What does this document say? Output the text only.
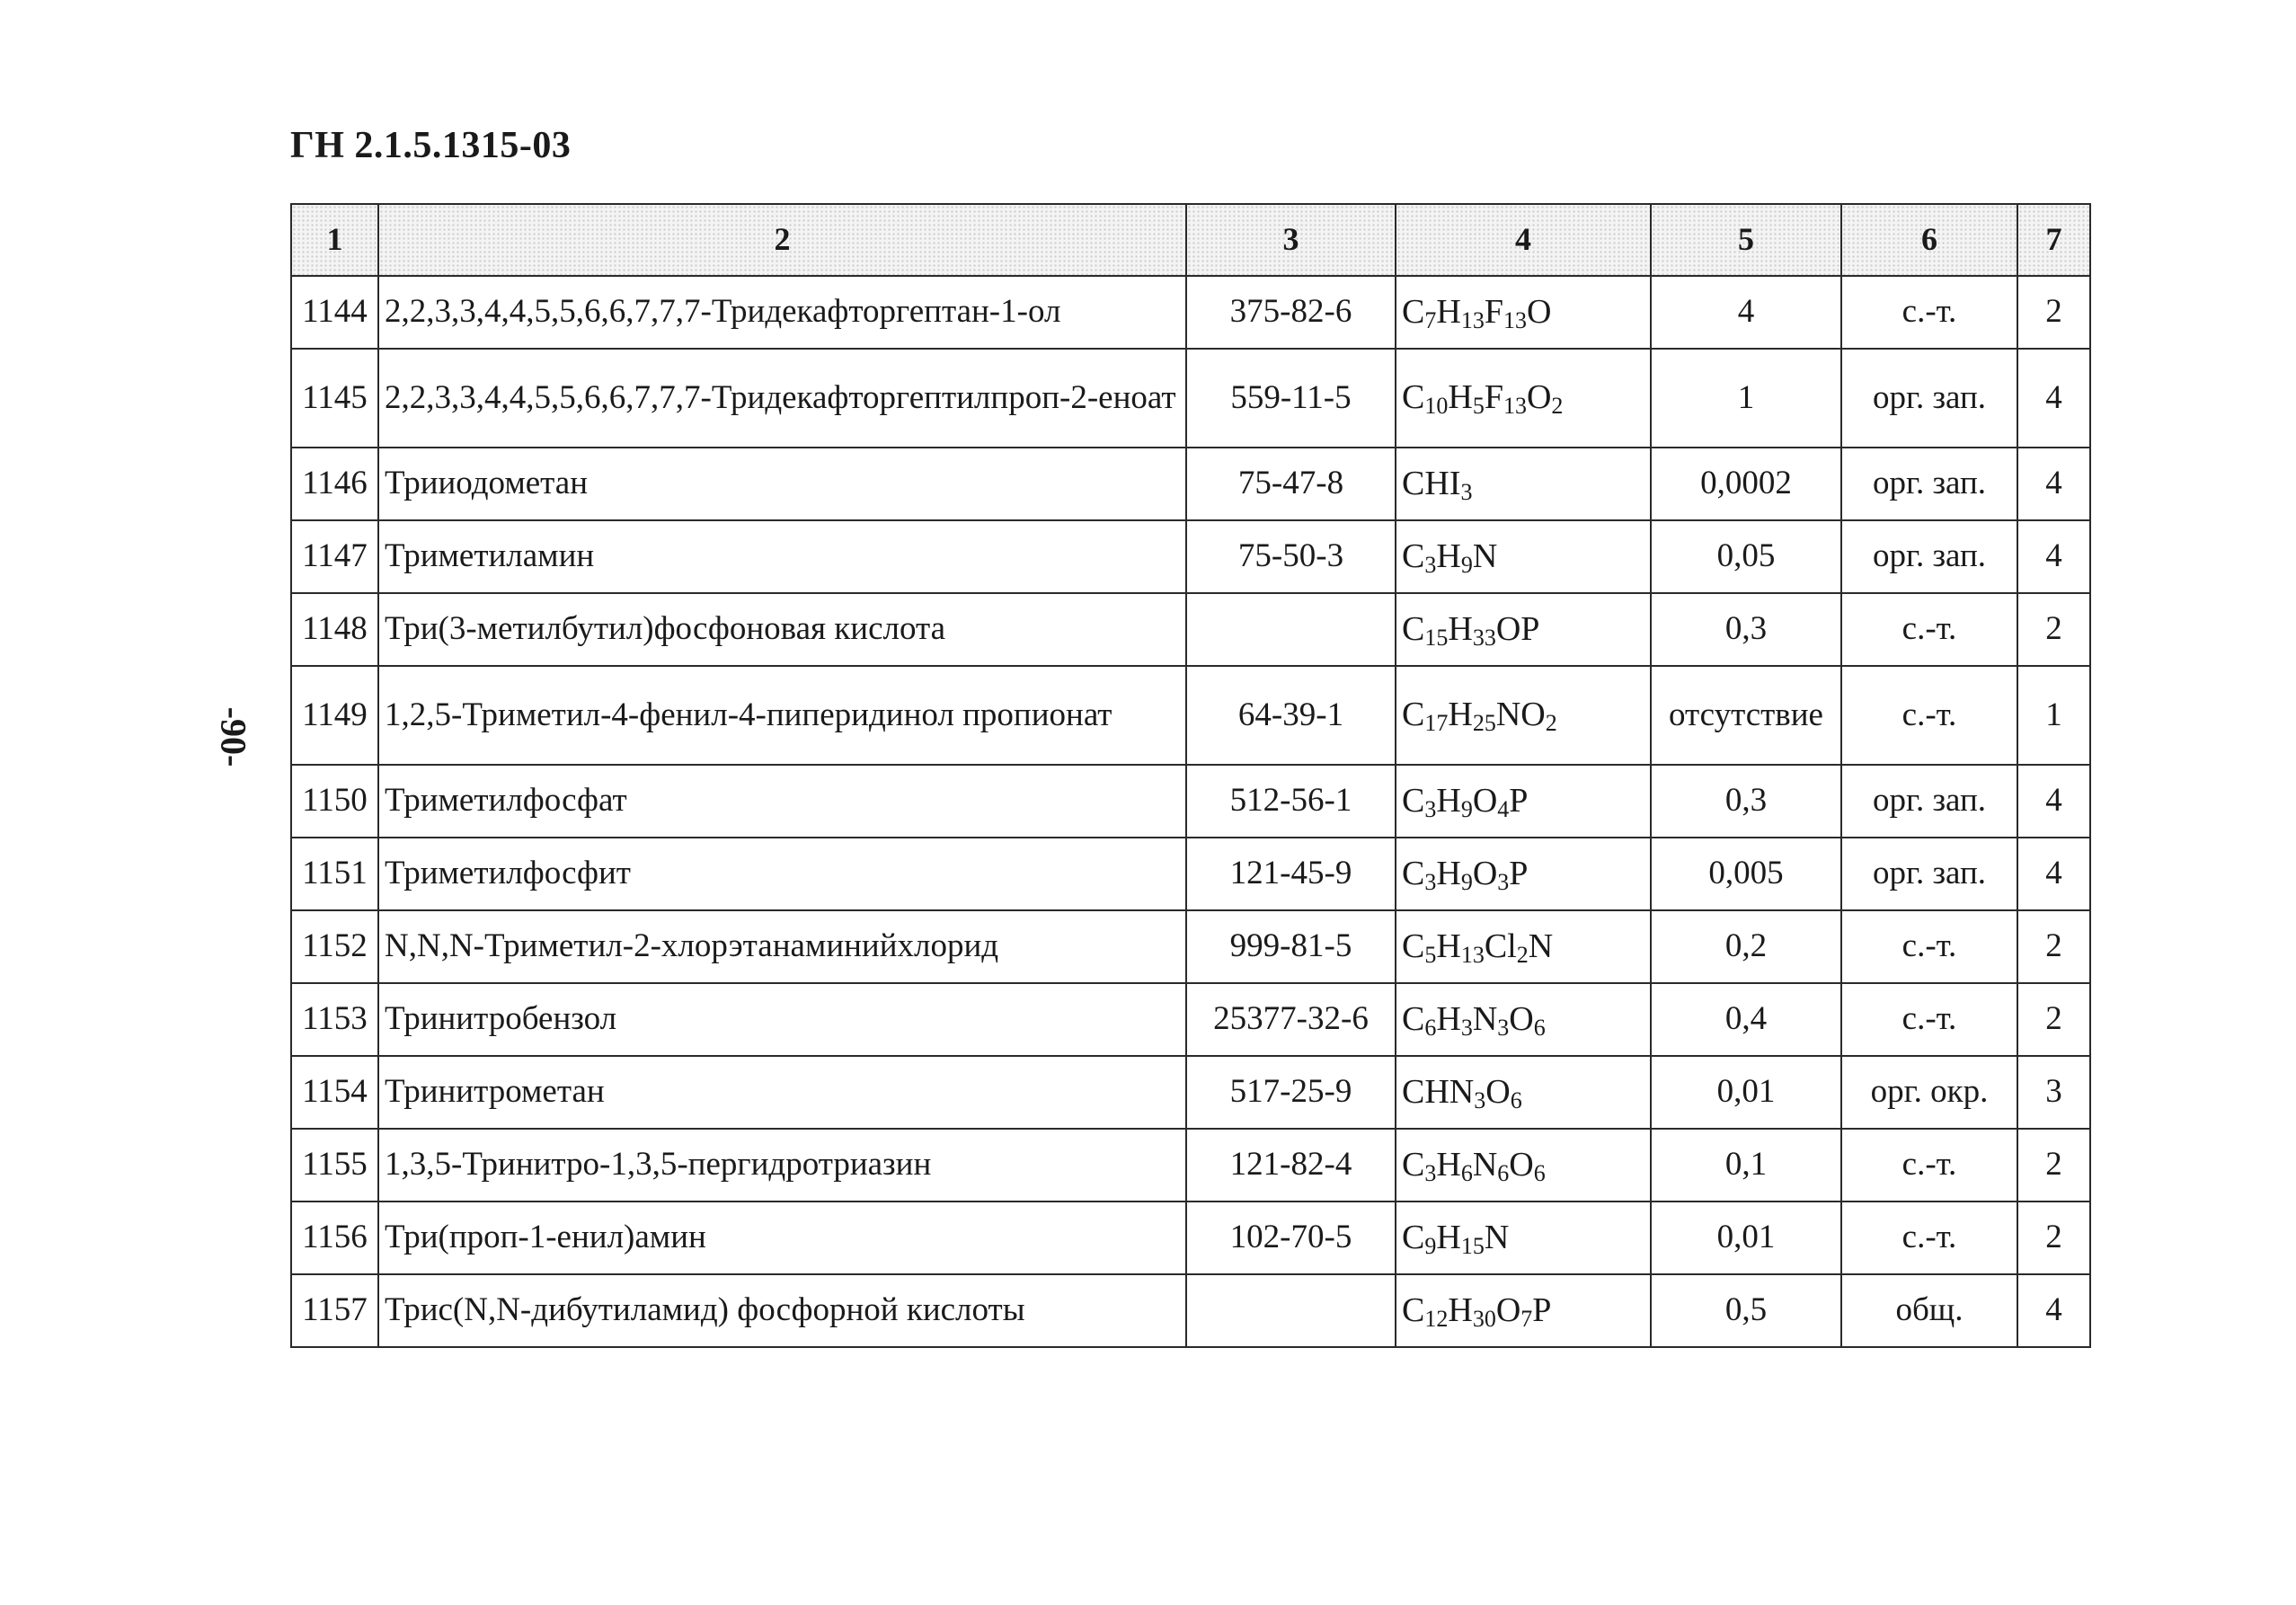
ГН 2.1.5.1315-03
-90-
1	2	3	4	5	6	7
1144	2,2,3,3,4,4,5,5,6,6,7,7,7-Тридекафторгептан-1-ол	375-82-6	$C_7H_{13}F_{13}O$	4	с.-т.	2
1145	2,2,3,3,4,4,5,5,6,6,7,7,7-Тридекафторгептилпроп-2-еноат	559-11-5	$C_{10}H_5F_{13}O_2$	1	орг. зап.	4
1146	Трииодометан	75-47-8	$CHI_3$	0,0002	орг. зап.	4
1147	Триметиламин	75-50-3	$C_3H_9N$	0,05	орг. зап.	4
1148	Три(3-метилбутил)фосфоновая кислота		$C_{15}H_{33}OP$	0,3	с.-т.	2
1149	1,2,5-Триметил-4-фенил-4-пиперидинол пропионат	64-39-1	$C_{17}H_{25}NO_2$	отсутствие	с.-т.	1
1150	Триметилфосфат	512-56-1	$C_3H_9O_4P$	0,3	орг. зап.	4
1151	Триметилфосфит	121-45-9	$C_3H_9O_3P$	0,005	орг. зап.	4
1152	N,N,N-Триметил-2-хлорэтанаминийхлорид	999-81-5	$C_5H_{13}Cl_2N$	0,2	с.-т.	2
1153	Тринитробензол	25377-32-6	$C_6H_3N_3O_6$	0,4	с.-т.	2
1154	Тринитрометан	517-25-9	$CHN_3O_6$	0,01	орг. окр.	3
1155	1,3,5-Тринитро-1,3,5-пергидротриазин	121-82-4	$C_3H_6N_6O_6$	0,1	с.-т.	2
1156	Три(проп-1-енил)амин	102-70-5	$C_9H_{15}N$	0,01	с.-т.	2
1157	Трис(N,N-дибутиламид) фосфорной кислоты		$C_{12}H_{30}O_7P$	0,5	общ.	4
